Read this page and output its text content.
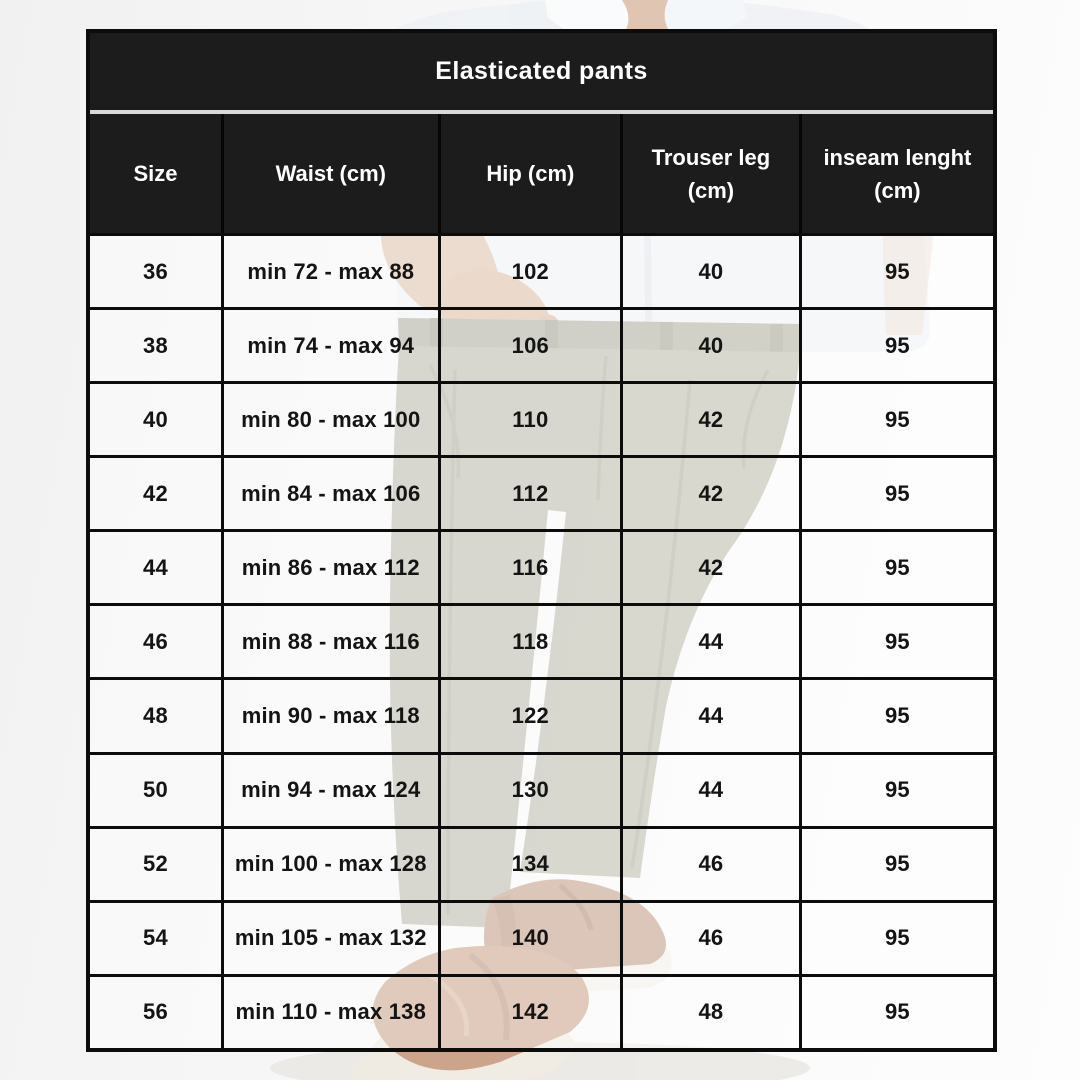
Elasticated pants				
Size	Waist (cm)	Hip (cm)	Trouser leg (cm)	inseam lenght (cm)
36	min 72 - max 88	102	40	95
38	min 74 - max 94	106	40	95
40	min 80 - max 100	110	42	95
42	min 84 - max 106	112	42	95
44	min 86 - max 112	116	42	95
46	min 88 - max 116	118	44	95
48	min 90 - max 118	122	44	95
50	min 94 - max 124	130	44	95
52	min 100 - max 128	134	46	95
54	min 105 - max 132	140	46	95
56	min 110 - max 138	142	48	95
